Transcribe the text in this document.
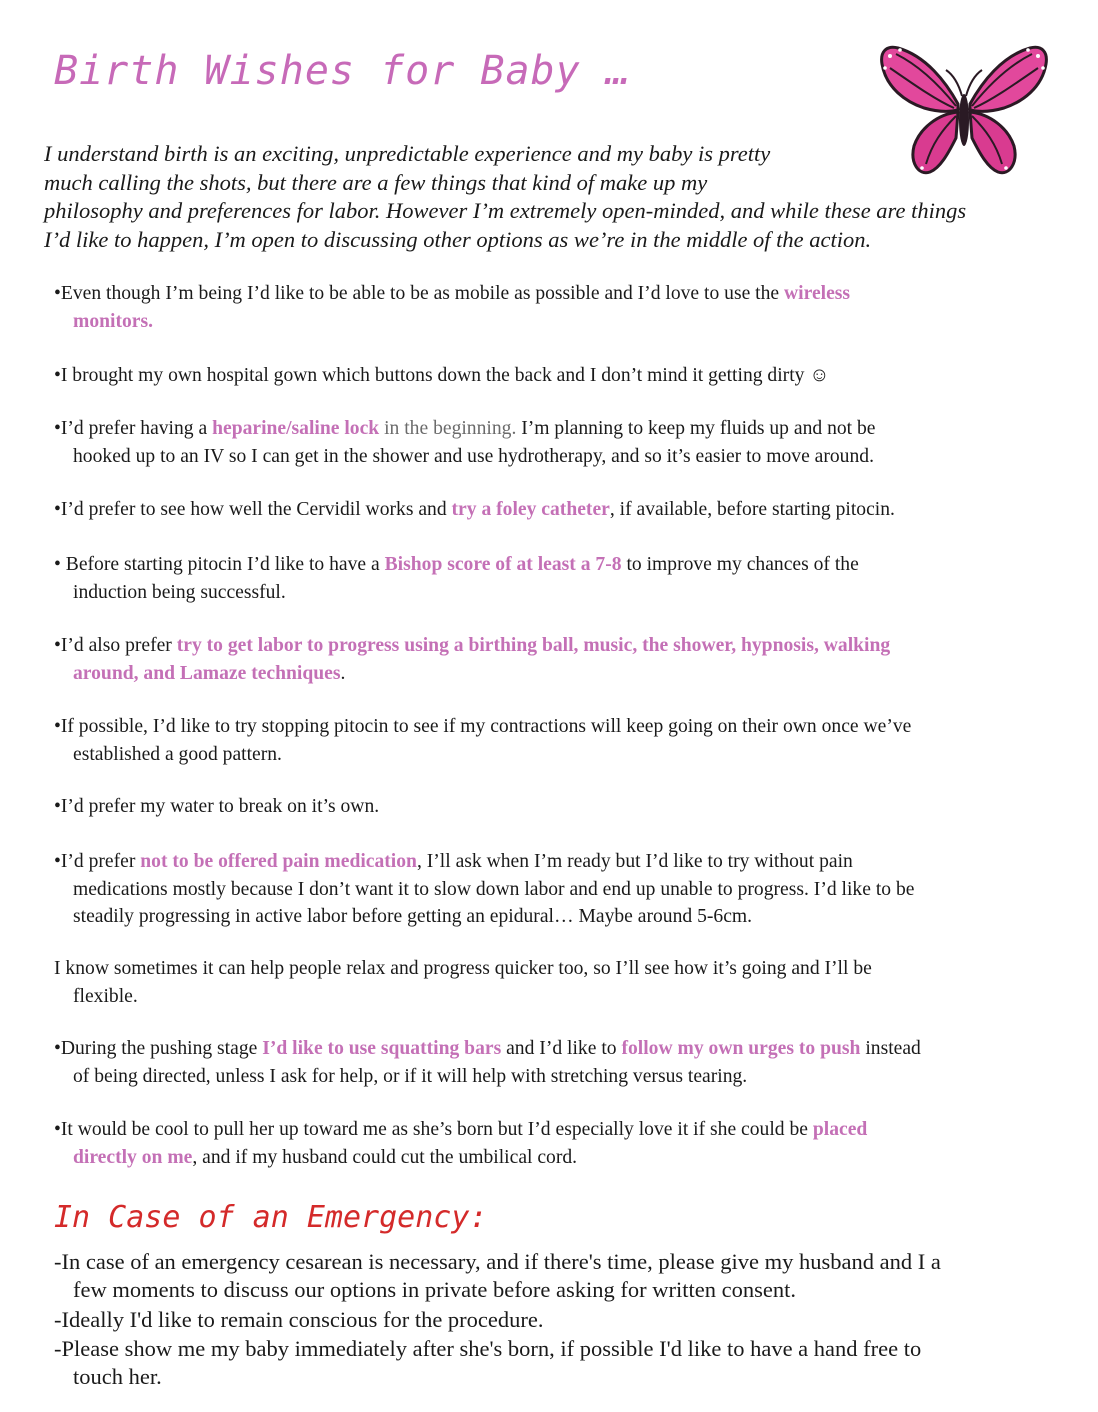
Birth Wishes for Baby …

I understand birth is an exciting, unpredictable experience and my baby is pretty
much calling the shots, but there are a few things that kind of make up my
philosophy and preferences for labor. However I’m extremely open-minded, and while these are things
I’d like to happen, I’m open to discussing other options as we’re in the middle of the action.

•Even though I’m being I’d like to be able to be as mobile as possible and I’d love to use the wireless
monitors.

•I brought my own hospital gown which buttons down the back and I don’t mind it getting dirty ☺

•I’d prefer having a heparine/saline lock in the beginning. I’m planning to keep my fluids up and not be
hooked up to an IV so I can get in the shower and use hydrotherapy, and so it’s easier to move around.

•I’d prefer to see how well the Cervidil works and try a foley catheter, if available, before starting pitocin.

• Before starting pitocin I’d like to have a Bishop score of at least a 7-8 to improve my chances of the
induction being successful.

•I’d also prefer try to get labor to progress using a birthing ball, music, the shower, hypnosis, walking
around, and Lamaze techniques.

•If possible, I’d like to try stopping pitocin to see if my contractions will keep going on their own once we’ve
established a good pattern.

•I’d prefer my water to break on it’s own.

•I’d prefer not to be offered pain medication, I’ll ask when I’m ready but I’d like to try without pain
medications mostly because I don’t want it to slow down labor and end up unable to progress. I’d like to be
steadily progressing in active labor before getting an epidural… Maybe around 5-6cm.

I know sometimes it can help people relax and progress quicker too, so I’ll see how it’s going and I’ll be
flexible.

•During the pushing stage I’d like to use squatting bars and I’d like to follow my own urges to push instead
of being directed, unless I ask for help, or if it will help with stretching versus tearing.

•It would be cool to pull her up toward me as she’s born but I’d especially love it if she could be placed
directly on me, and if my husband could cut the umbilical cord.

In Case of an Emergency:

-In case of an emergency cesarean is necessary, and if there's time, please give my husband and I a
few moments to discuss our options in private before asking for written consent.

-Ideally I'd like to remain conscious for the procedure.

-Please show me my baby immediately after she's born, if possible I'd like to have a hand free to
touch her.
